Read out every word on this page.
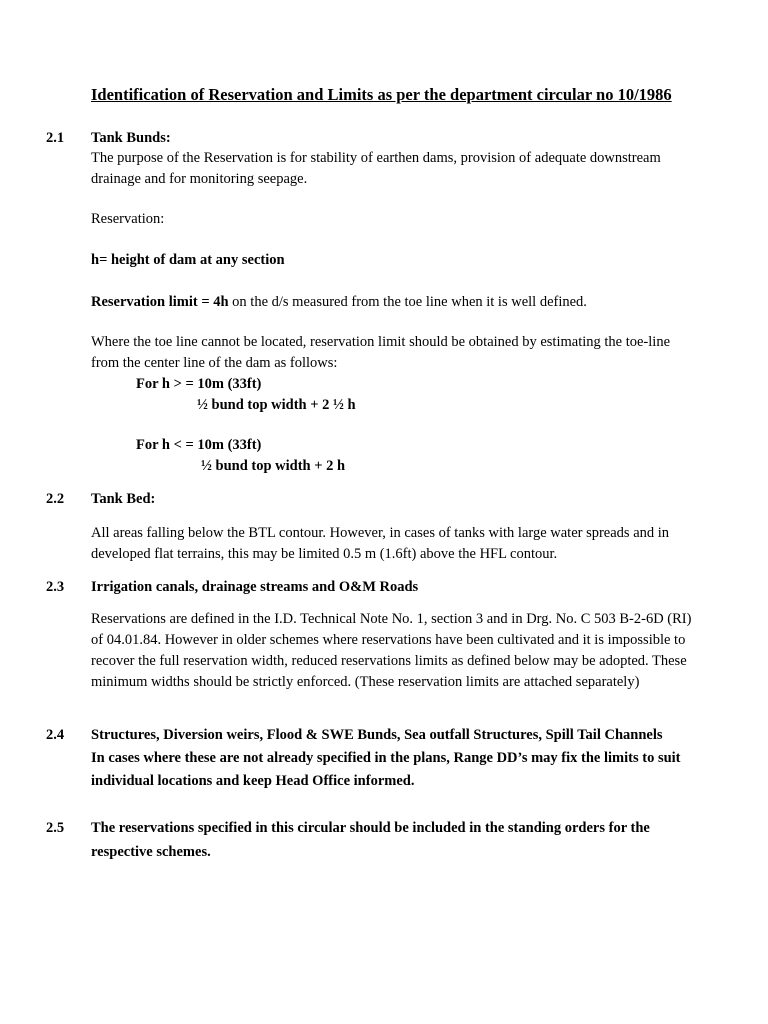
Identification of Reservation and Limits as per the department circular no 10/1986
2.1 Tank Bunds:
The purpose of the Reservation is for stability of earthen dams, provision of adequate downstream
drainage and for monitoring seepage.
Reservation:
h= height of dam at any section
Reservation limit = 4h on the d/s measured from the toe line when it is well defined.
Where the toe line cannot be located, reservation limit should be obtained by estimating the toe-line
from the center line of the dam as follows:
For h > = 10m (33ft)
½ bund top width + 2 ½ h
For h < = 10m (33ft)
½ bund top width + 2 h
2.2 Tank Bed:
All areas falling below the BTL contour. However, in cases of tanks with large water spreads and in
developed flat terrains, this may be limited 0.5 m (1.6ft) above the HFL contour.
2.3 Irrigation canals, drainage streams and O&M Roads
Reservations are defined in the I.D. Technical Note No. 1, section 3 and in Drg. No. C 503 B-2-6D (RI)
of 04.01.84. However in older schemes where reservations have been cultivated and it is impossible to
recover the full reservation width, reduced reservations limits as defined below may be adopted. These
minimum widths should be strictly enforced. (These reservation limits are attached separately)
2.4 Structures, Diversion weirs, Flood & SWE Bunds, Sea outfall Structures, Spill Tail Channels
In cases where these are not already specified in the plans, Range DD’s may fix the limits to suit
individual locations and keep Head Office informed.
2.5 The reservations specified in this circular should be included in the standing orders for the
respective schemes.
